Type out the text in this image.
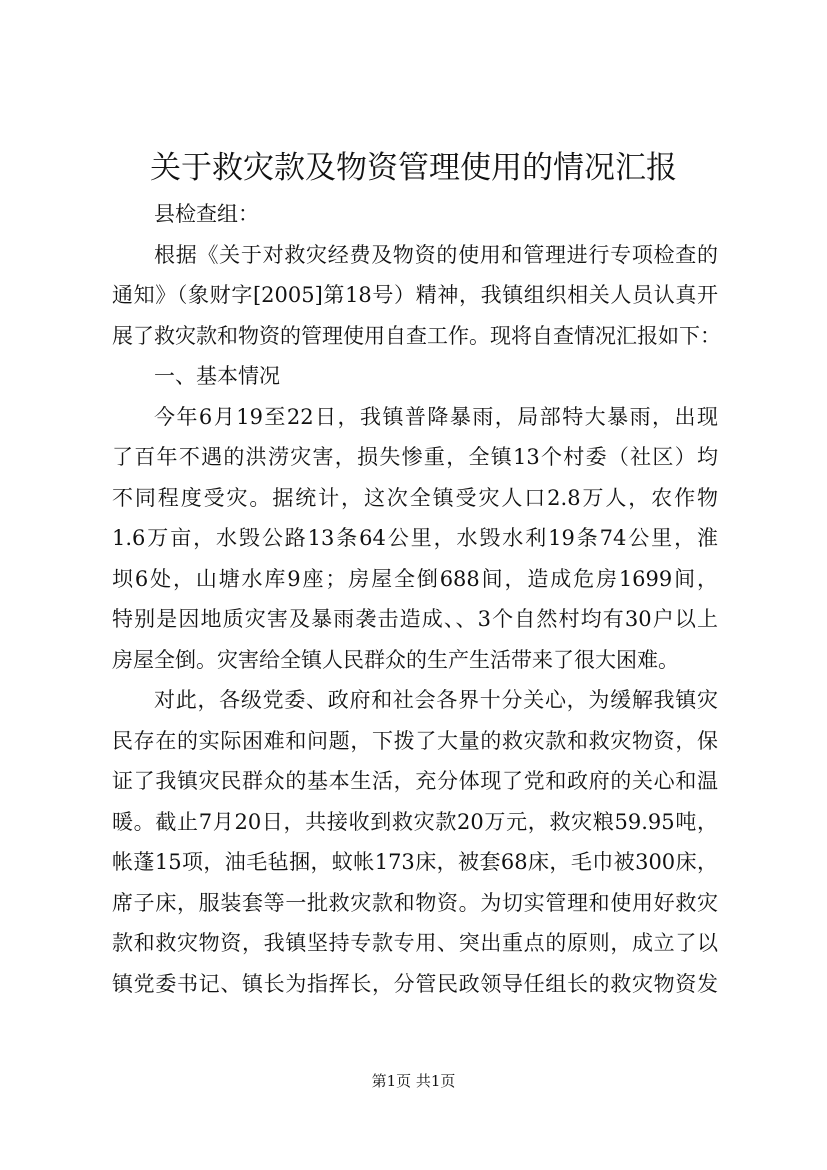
关于救灾款及物资管理使用的情况汇报
县检查组：
根据《关于对救灾经费及物资的使用和管理进行专项检查的
通知》（象财字[2005]第18号）精神，我镇组织相关人员认真开
展了救灾款和物资的管理使用自查工作。现将自查情况汇报如下：
一、基本情况
今年6月19至22日，我镇普降暴雨，局部特大暴雨，出现
了百年不遇的洪涝灾害，损失惨重，全镇13个村委（社区）均
不同程度受灾。据统计，这次全镇受灾人口2.8万人，农作物
1.6万亩，水毁公路13条64公里，水毁水利19条74公里，淮
坝6处，山塘水库9座；房屋全倒688间，造成危房1699间，
特别是因地质灾害及暴雨袭击造成、、3个自然村均有30户以上
房屋全倒。灾害给全镇人民群众的生产生活带来了很大困难。
对此，各级党委、政府和社会各界十分关心，为缓解我镇灾
民存在的实际困难和问题，下拨了大量的救灾款和救灾物资，保
证了我镇灾民群众的基本生活，充分体现了党和政府的关心和温
暖。截止7月20日，共接收到救灾款20万元，救灾粮59.95吨，
帐蓬15项，油毛毡捆，蚊帐173床，被套68床，毛巾被300床，
席子床，服装套等一批救灾款和物资。为切实管理和使用好救灾
款和救灾物资，我镇坚持专款专用、突出重点的原则，成立了以
镇党委书记、镇长为指挥长，分管民政领导任组长的救灾物资发
第1页 共1页
